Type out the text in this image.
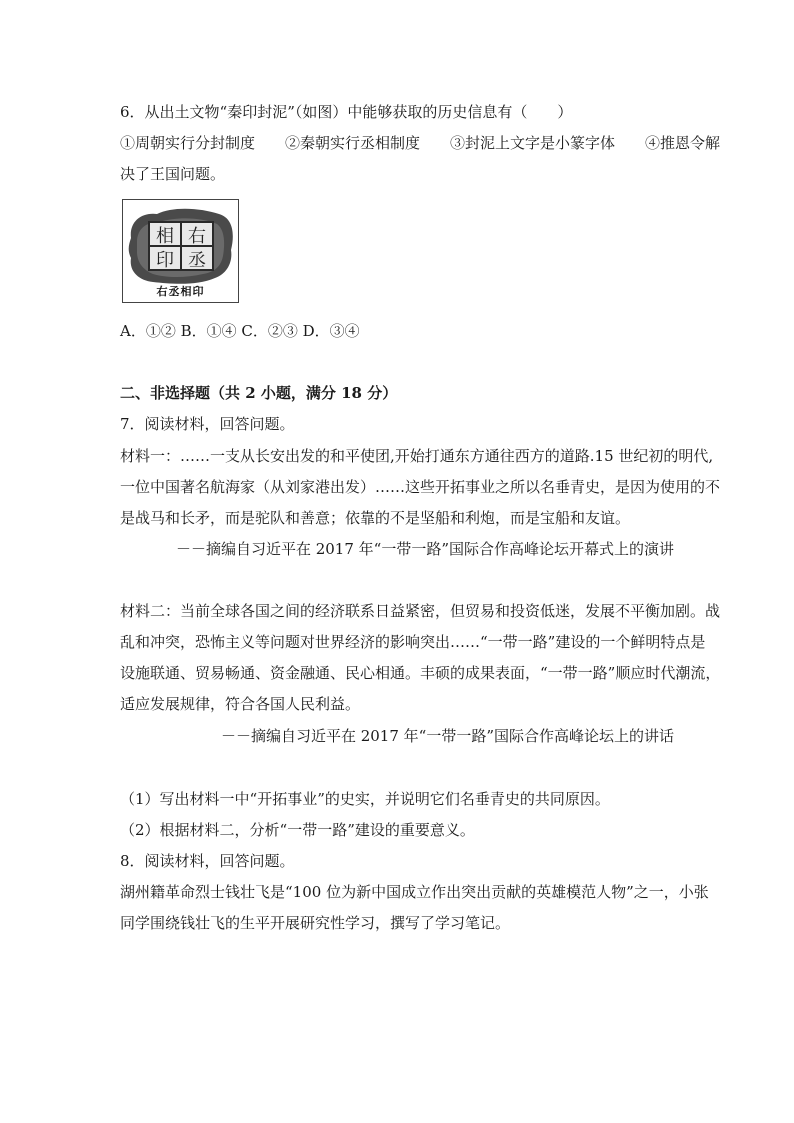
6．从出土文物“秦印封泥”（如图）中能够获取的历史信息有（　　）
①周朝实行分封制度　　②秦朝实行丞相制度　　③封泥上文字是小篆字体　　④推恩令解
决了王国问题。
右
丞
相
印
右丞相印
A．①② B．①④ C．②③ D．③④
二、非选择题（共 2 小题，满分 18 分）
7．阅读材料，回答问题。
材料一：……一支从长安出发的和平使团,开始打通东方通往西方的道路.15 世纪初的明代,
一位中国著名航海家（从刘家港出发）……这些开拓事业之所以名垂青史，是因为使用的不
是战马和长矛，而是驼队和善意；依靠的不是坚船和利炮，而是宝船和友谊。
－－摘编自习近平在 2017 年“一带一路”国际合作高峰论坛开幕式上的演讲
材料二：当前全球各国之间的经济联系日益紧密，但贸易和投资低迷，发展不平衡加剧。战
乱和冲突，恐怖主义等问题对世界经济的影响突出……“一带一路”建设的一个鲜明特点是
设施联通、贸易畅通、资金融通、民心相通。丰硕的成果表面，“一带一路”顺应时代潮流，
适应发展规律，符合各国人民利益。
－－摘编自习近平在 2017 年“一带一路”国际合作高峰论坛上的讲话
（1）写出材料一中“开拓事业”的史实，并说明它们名垂青史的共同原因。
（2）根据材料二，分析“一带一路”建设的重要意义。
8．阅读材料，回答问题。
湖州籍革命烈士钱壮飞是“100 位为新中国成立作出突出贡献的英雄模范人物”之一，小张
同学围绕钱壮飞的生平开展研究性学习，撰写了学习笔记。
